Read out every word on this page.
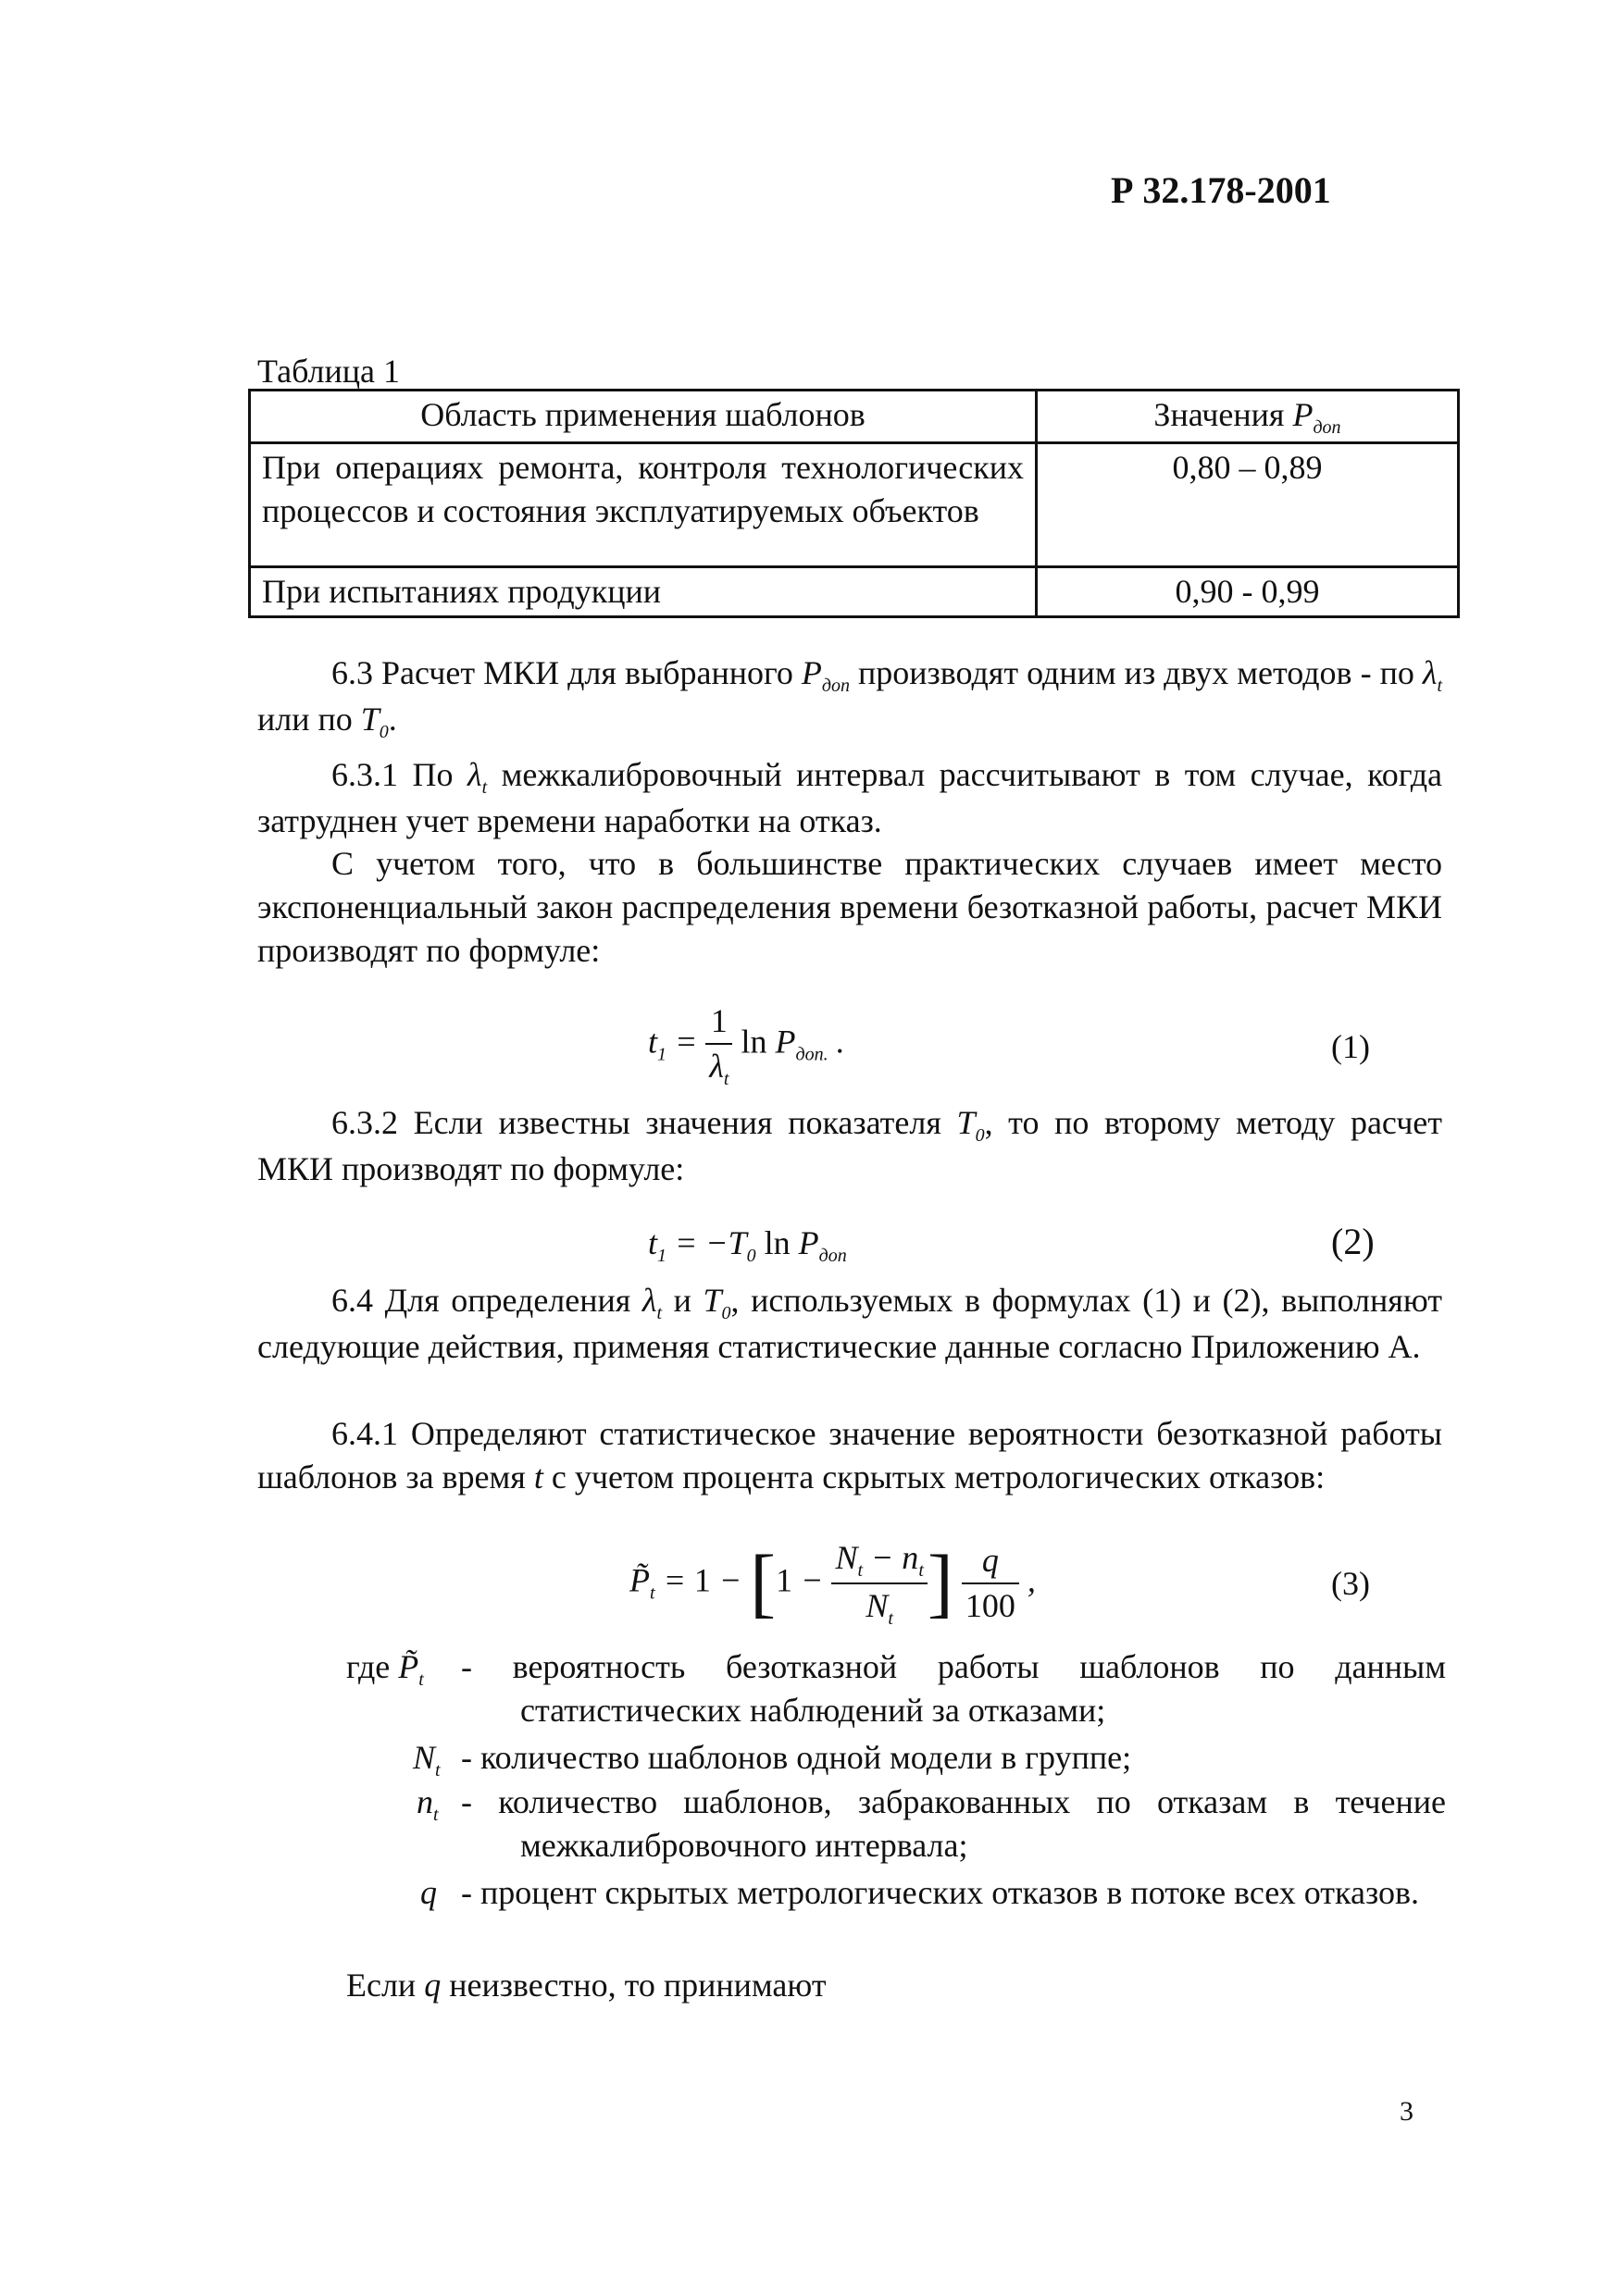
Р 32.178-2001
Таблица 1
Область применения шаблонов	Значения $P_{доп}$
При операциях ремонта, контроля технологических процессов и состояния эксплуатируемых объектов	0,80 – 0,89
При испытаниях продукции	0,90 - 0,99
6.3 Расчет МКИ для выбранного $P_{доп}$ производят одним из двух методов - по $\lambda_t$ или по $T_0$.
6.3.1 По $\lambda_t$ межкалибровочный интервал рассчитывают в том случае, когда затруднен учет времени наработки на отказ.
С учетом того, что в большинстве практических случаев имеет место экспоненциальный закон распределения времени безотказной работы, расчет МКИ производят по формуле:
$t_1 = \frac{1}{\lambda_t}$ $\ln P_{доп.}$ .	(1)
6.3.2 Если известны значения показателя $T_0$, то по второму методу расчет МКИ производят по формуле:
$t_1 = -T_0$ $\ln P_{доп}$	(2)
6.4 Для определения $\lambda_t$ и $T_0$, используемых в формулах (1) и (2), выполняют следующие действия, применяя статистические данные согласно Приложению А.
6.4.1 Определяют статистическое значение вероятности безотказной работы шаблонов за время t с учетом процента скрытых метрологических отказов:
$P̃_t = 1 - [1 - \frac{N_t - n_t}{N_t}$ ] $\frac{q}{100}$ ,	(3)
где $P̃_t$	- вероятность безотказной работы шаблонов по данным статистических наблюдений за отказами;
$N_t$ - количество шаблонов одной модели в группе;
$n_t$ - количество шаблонов, забракованных по отказам в течение межкалибровочного интервала;
q - процент скрытых метрологических отказов в потоке всех отказов.
Если q неизвестно, то принимают
3
